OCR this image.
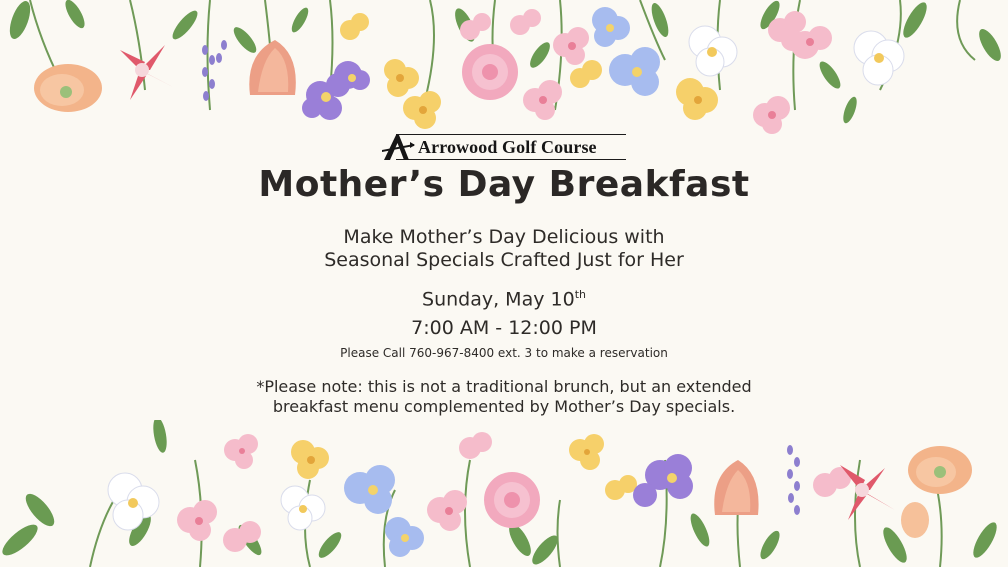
Arrowood Golf Course
Mother’s Day Breakfast
Make Mother’s Day Delicious with
Seasonal Specials Crafted Just for Her
Sunday, May 10th
7:00 AM - 12:00 PM
Please Call 760-967-8400 ext. 3 to make a reservation
*Please note: this is not a traditional brunch, but an extended
breakfast menu complemented by Mother’s Day specials.
